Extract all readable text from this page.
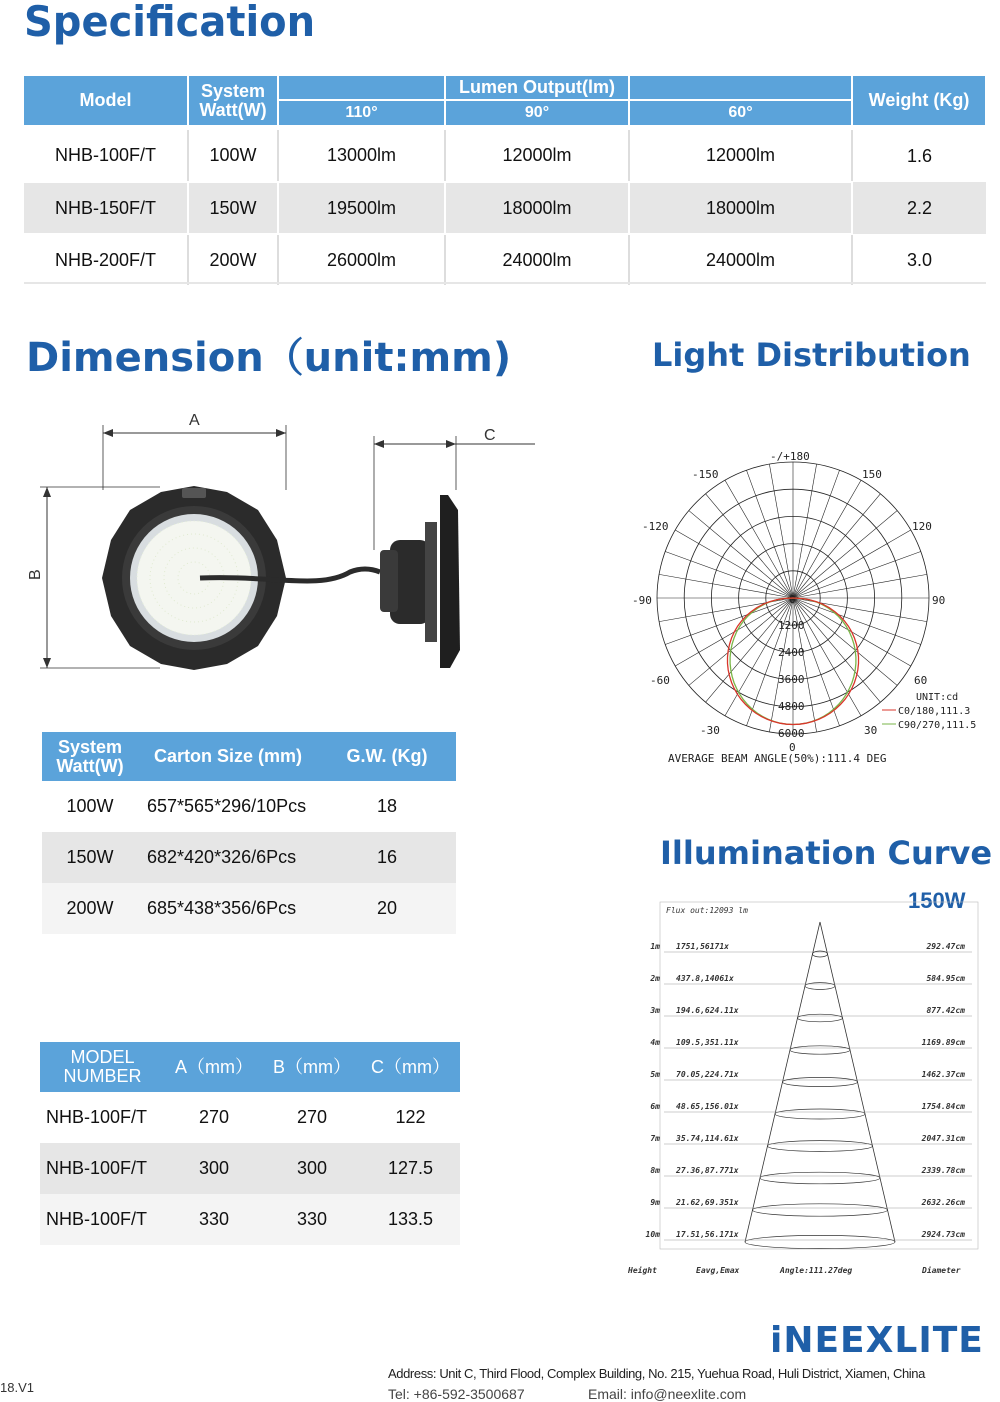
Specification
Model	System Watt(W)		Lumen Output(lm)		Weight (Kg)
		110°	90°	60°	

NHB-100F/T	100W	13000lm	12000lm	12000lm	1.6
NHB-150F/T	150W	19500lm	18000lm	18000lm	2.2
NHB-200F/T	200W	26000lm	24000lm	24000lm	3.0
Dimension（unit:mm)
A
B
C
System Watt(W)	Carton Size (mm)	G.W. (Kg)
100W	657*565*296/10Pcs	18
150W	682*420*326/6Pcs	16
200W	685*438*356/6Pcs	20
MODEL NUMBER	A（mm）	B（mm）	C（mm）
NHB-100F/T	270	270	122
NHB-100F/T	300	300	127.5
NHB-100F/T	330	330	133.5
Light Distribution
-/+180
-150	150
-120	120
-90	90
-60	60
-30	30
0
0
1200
2400
3600
4800
6000
UNIT:cd
C0/180,111.3
C90/270,111.5
AVERAGE BEAM ANGLE(50%):111.4 DEG
Illumination Curve
150W
Flux out:12093 lm
1m 1751,56171x	292.47cm
2m 437.8,14061x	584.95cm
3m 194.6,624.11x	877.42cm
4m 109.5,351.11x	1169.89cm
5m 70.05,224.71x	1462.37cm
6m 48.65,156.01x	1754.84cm
7m 35.74,114.61x	2047.31cm
8m 27.36,87.771x	2339.78cm
9m 21.62,69.351x	2632.26cm
10m 17.51,56.171x	2924.73cm
Height	Eavg,Emax	Angle:111.27deg	Diameter
iNEEXLITE
Address: Unit C, Third Flood, Complex Building, No. 215, Yuehua Road, Huli District, Xiamen, China
Tel: +86-592-3500687	Email: info@neexlite.com
18.V1
